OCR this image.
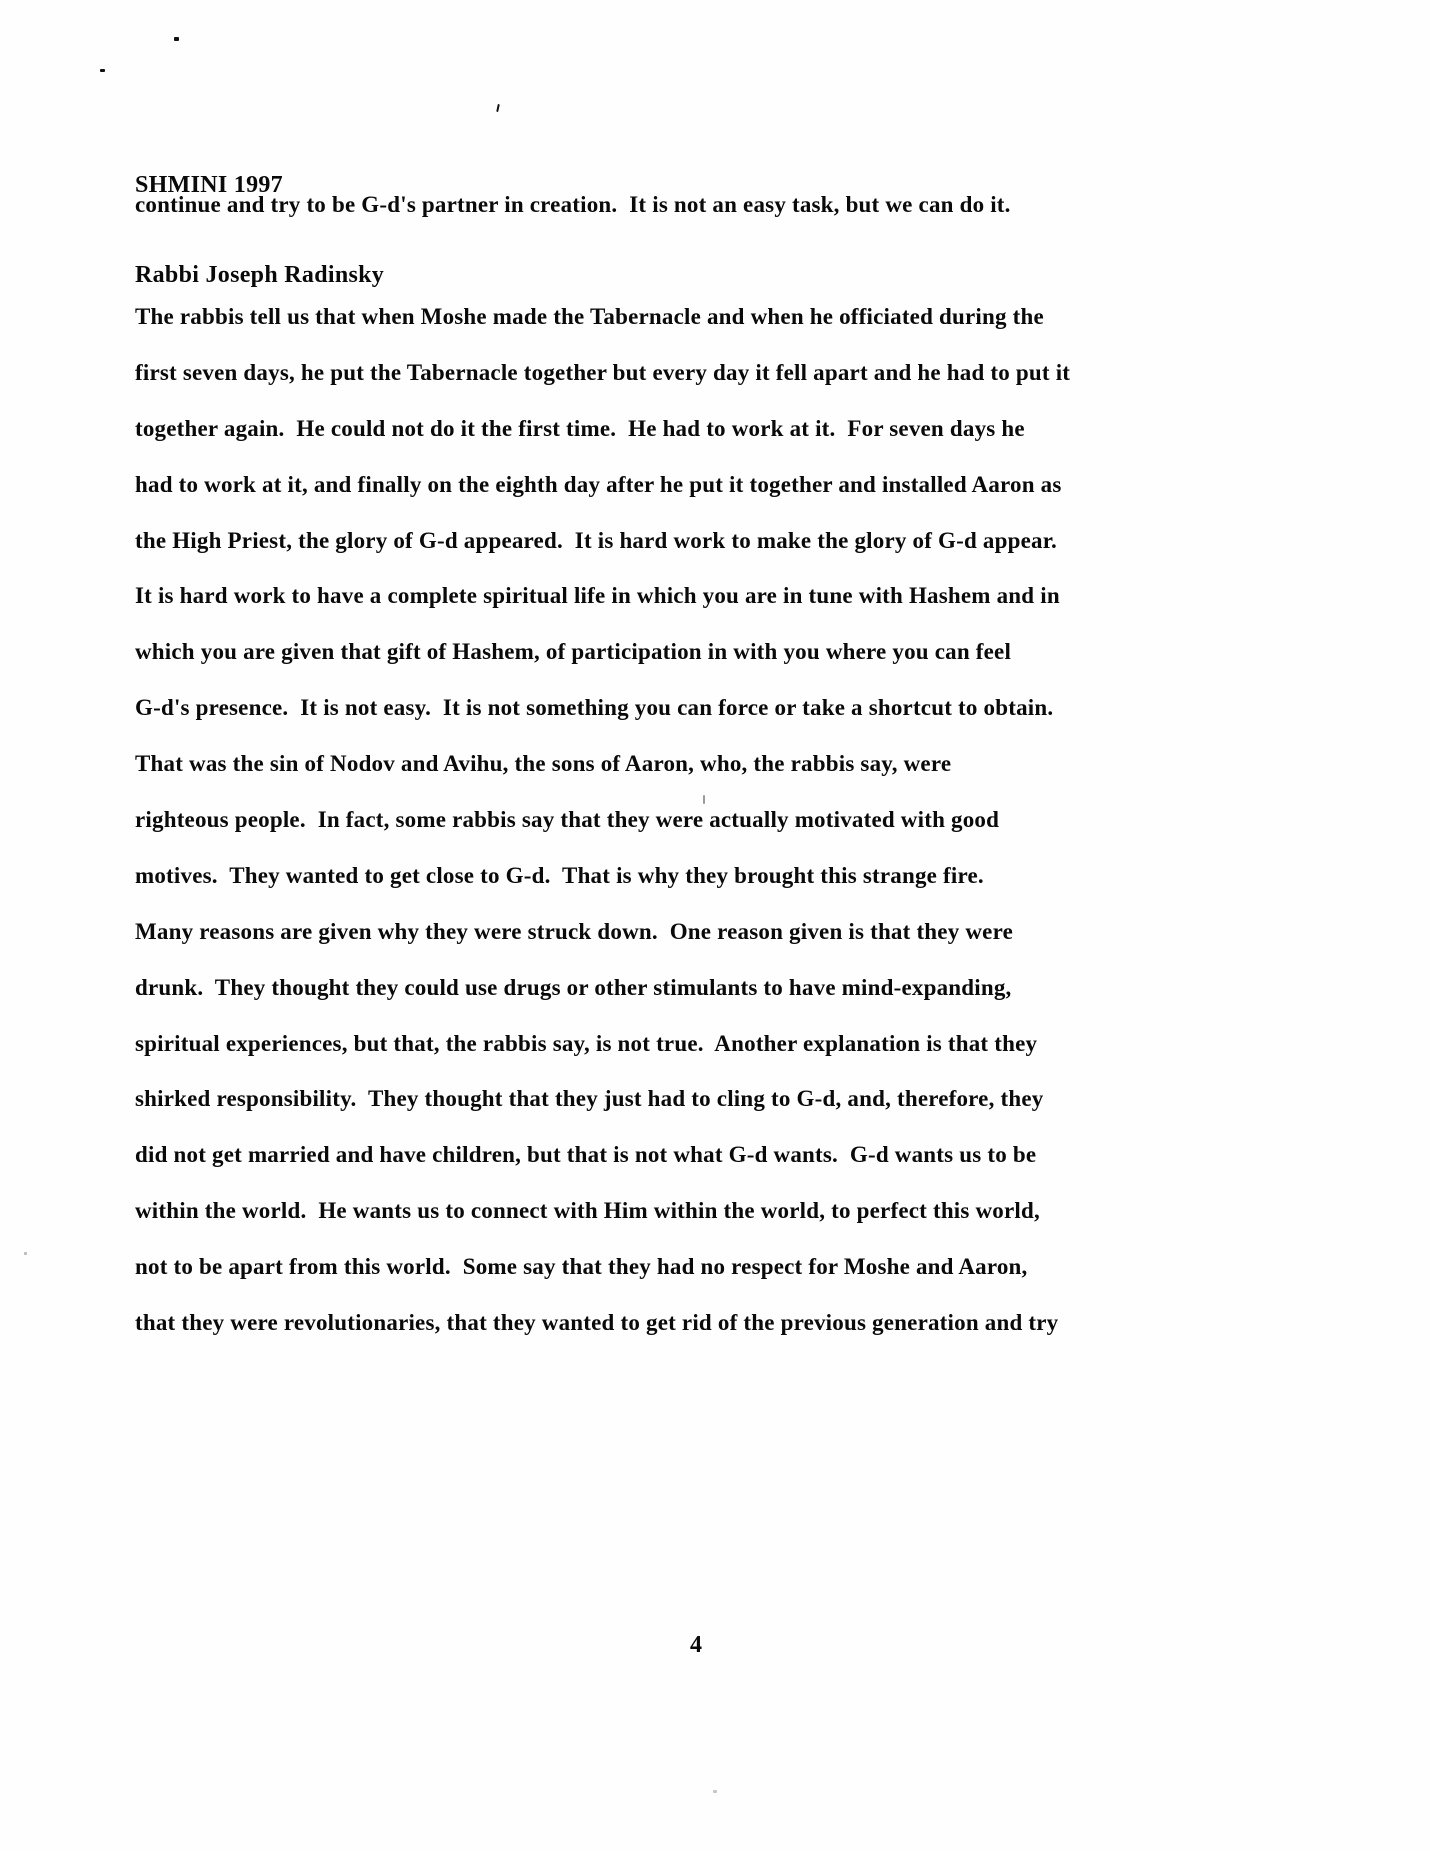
SHMINI 1997

Rabbi Joseph Radinsky

continue and try to be G-d's partner in creation.  It is not an easy task, but we can do it.
The rabbis tell us that when Moshe made the Tabernacle and when he officiated during the
first seven days, he put the Tabernacle together but every day it fell apart and he had to put it
together again.  He could not do it the first time.  He had to work at it.  For seven days he
had to work at it, and finally on the eighth day after he put it together and installed Aaron as
the High Priest, the glory of G-d appeared.  It is hard work to make the glory of G-d appear.
It is hard work to have a complete spiritual life in which you are in tune with Hashem and in
which you are given that gift of Hashem, of participation in with you where you can feel
G-d's presence.  It is not easy.  It is not something you can force or take a shortcut to obtain.
That was the sin of Nodov and Avihu, the sons of Aaron, who, the rabbis say, were
righteous people.  In fact, some rabbis say that they were actually motivated with good
motives.  They wanted to get close to G-d.  That is why they brought this strange fire.
Many reasons are given why they were struck down.  One reason given is that they were
drunk.  They thought they could use drugs or other stimulants to have mind-expanding,
spiritual experiences, but that, the rabbis say, is not true.  Another explanation is that they
shirked responsibility.  They thought that they just had to cling to G-d, and, therefore, they
did not get married and have children, but that is not what G-d wants.  G-d wants us to be
within the world.  He wants us to connect with Him within the world, to perfect this world,
not to be apart from this world.  Some say that they had no respect for Moshe and Aaron,
that they were revolutionaries, that they wanted to get rid of the previous generation and try
4
